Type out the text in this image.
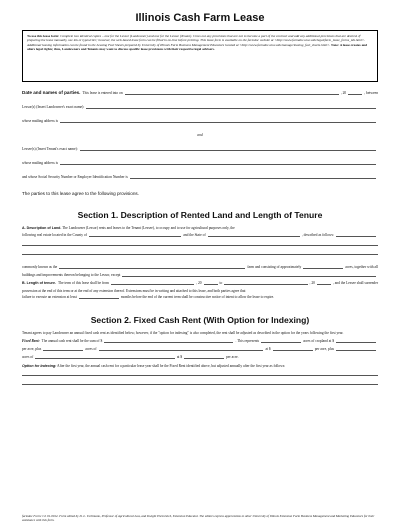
Illinois Cash Farm Lease
To use this lease form: Complete two identical copies – one for the Lessor (Landowner) and one for the Lessee (Tenant). Cross out any provisions that are not to become a part of the contract and add any additional provisions that are desired. If preparing the lease manually, use ink or typewriter; however, the web-based lease form can be filled in on-line before printing. This lease form is available on the farmdoc website at <http://www.farmdoc.uiuc.edu/legal/farm_lease_forms_idx.html>. Additional leasing information can be found in the Leasing Fact Sheets prepared by University of Illinois Farm Business Management Educators located at <http://www.farmdoc.uiuc.edu/manage/leasing_fact_sheets.html>. Note: A lease creates and alters legal rights; thus, Landowners and Tenants may want to discuss specific lease provisions with their respective legal advisers.
Date and names of parties. This lease is entered into on	, 20	, between
Lessor(s) (Insert Landowner's exact name):
whose mailing address is
and
Lessee(s) (Insert Tenant's exact name):
whose mailing address is
and whose Social Security Number or Employer Identification Number is
The parties to this lease agree to the following provisions.
Section 1. Description of Rented Land and Length of Tenure
A. Description of Land. The Landowner (Lessor) rents and leases to the Tenant (Lessee), to occupy and to use for agricultural purposes only, the
following real estate located in the County of	and the State of	, described as follows:
commonly known as the	farm and consisting of approximately	acres, together with all
buildings and improvements thereon belonging to the Lessor, except
B. Length of tenure. The term of this lease shall be from	, 20	to	, 20	, and the Lessee shall surrender
possession at the end of this term or at the end of any extension thereof. Extensions must be in writing and attached to this lease, and both parties agree that
failure to execute an extension at least	months before the end of the current term shall be constructive notice of intent to allow the lease to expire.
Section 2. Fixed Cash Rent (With Option for Indexing)
Tenant agrees to pay Landowner an annual fixed cash rent as identified below; however, if the "option for indexing" is also completed, the rent shall be adjusted as described in the option for the years following the first year.
Fixed Rent: The annual cash rent shall be the sum of $	. This represents	acres of cropland at $
per acre, plus	acres of	at $	per acre, plus
acres of	at $	per acre.
Option for Indexing: After the first year, the annual cash rent for a particular lease year shall be the Fixed Rent identified above, but adjusted annually after the first year as follows:
farmdoc Form: CL 01-0912. Form edited by D. L. Uchtmann, Professor of Agricultural Law, and Dwight Ehrenreich, Extension Educator. The editors express appreciation to other University of Illinois Extension Farm Business Management and Marketing Educators for their assistance with this form.
